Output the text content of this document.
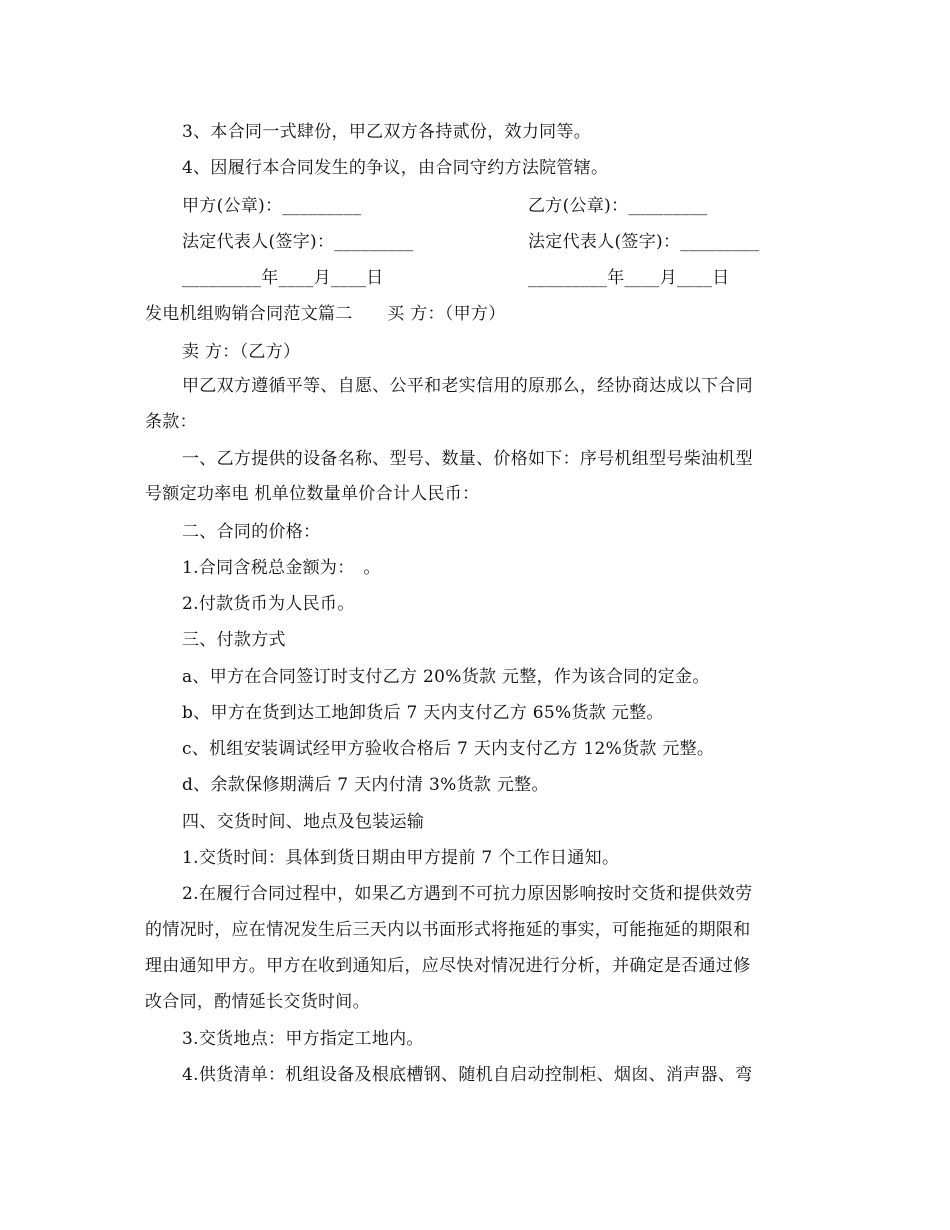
3、本合同一式肆份，甲乙双方各持贰份，效力同等。
4、因履行本合同发生的争议，由合同守约方法院管辖。
甲方(公章)：_________	乙方(公章)：_________
法定代表人(签字)：_________	法定代表人(签字)：_________
_________年____月____日	_________年____月____日
发电机组购销合同范文篇二　　买 方：（甲方）
卖 方：（乙方）
甲乙双方遵循平等、自愿、公平和老实信用的原那么，经协商达成以下合同
条款：
一、乙方提供的设备名称、型号、数量、价格如下：序号机组型号柴油机型
号额定功率电 机单位数量单价合计人民币：
二、合同的价格：
1.合同含税总金额为：　。
2.付款货币为人民币。
三、付款方式
a、甲方在合同签订时支付乙方 20%货款 元整，作为该合同的定金。
b、甲方在货到达工地卸货后 7 天内支付乙方 65%货款 元整。
c、机组安装调试经甲方验收合格后 7 天内支付乙方 12%货款 元整。
d、余款保修期满后 7 天内付清 3%货款 元整。
四、交货时间、地点及包装运输
1.交货时间：具体到货日期由甲方提前 7 个工作日通知。
2.在履行合同过程中，如果乙方遇到不可抗力原因影响按时交货和提供效劳
的情况时，应在情况发生后三天内以书面形式将拖延的事实，可能拖延的期限和
理由通知甲方。甲方在收到通知后，应尽快对情况进行分析，并确定是否通过修
改合同，酌情延长交货时间。
3.交货地点：甲方指定工地内。
4.供货清单：机组设备及根底槽钢、随机自启动控制柜、烟囱、消声器、弯
